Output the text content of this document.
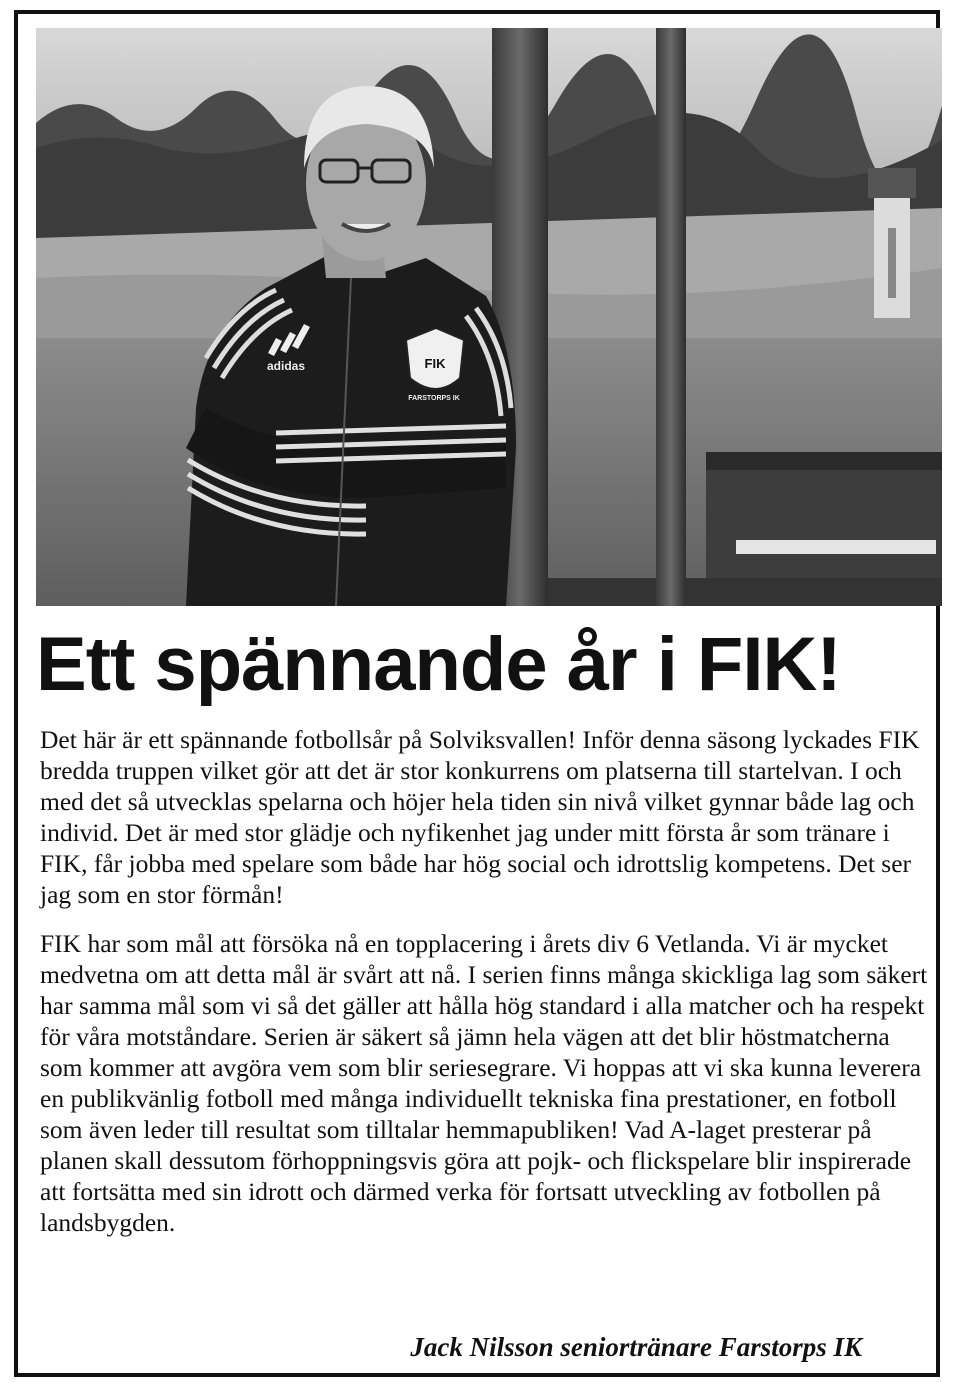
FIK
FARSTORPS IK
adidas
Ett spännande år i FIK!

Det här är ett spännande fotbollsår på Solviksvallen! Inför denna säsong lyckades FIK bredda truppen vilket gör att det är stor konkurrens om platserna till startelvan. I och med det så utvecklas spelarna och höjer hela tiden sin nivå vilket gynnar både lag och individ. Det är med stor glädje och nyfikenhet jag under mitt första år som tränare i FIK, får jobba med spelare som både har hög social och idrottslig kompetens. Det ser jag som en stor förmån!

FIK har som mål att försöka nå en topplacering i årets div 6 Vetlanda. Vi är mycket medvetna om att detta mål är svårt att nå. I serien finns många skickliga lag som säkert har samma mål som vi så det gäller att hålla hög standard i alla matcher och ha respekt för våra motståndare. Serien är säkert så jämn hela vägen att det blir höstmatcherna som kommer att avgöra vem som blir seriesegrare. Vi hoppas att vi ska kunna leverera en publikvänlig fotboll med många individuellt tekniska fina prestationer, en fotboll som även leder till resultat som tilltalar hemmapubliken! Vad A-laget presterar på planen skall dessutom förhoppningsvis göra att pojk- och flickspelare blir inspirerade att fortsätta med sin idrott och därmed verka för fortsatt utveckling av fotbollen på landsbygden.

Jack Nilsson seniortränare Farstorps IK
